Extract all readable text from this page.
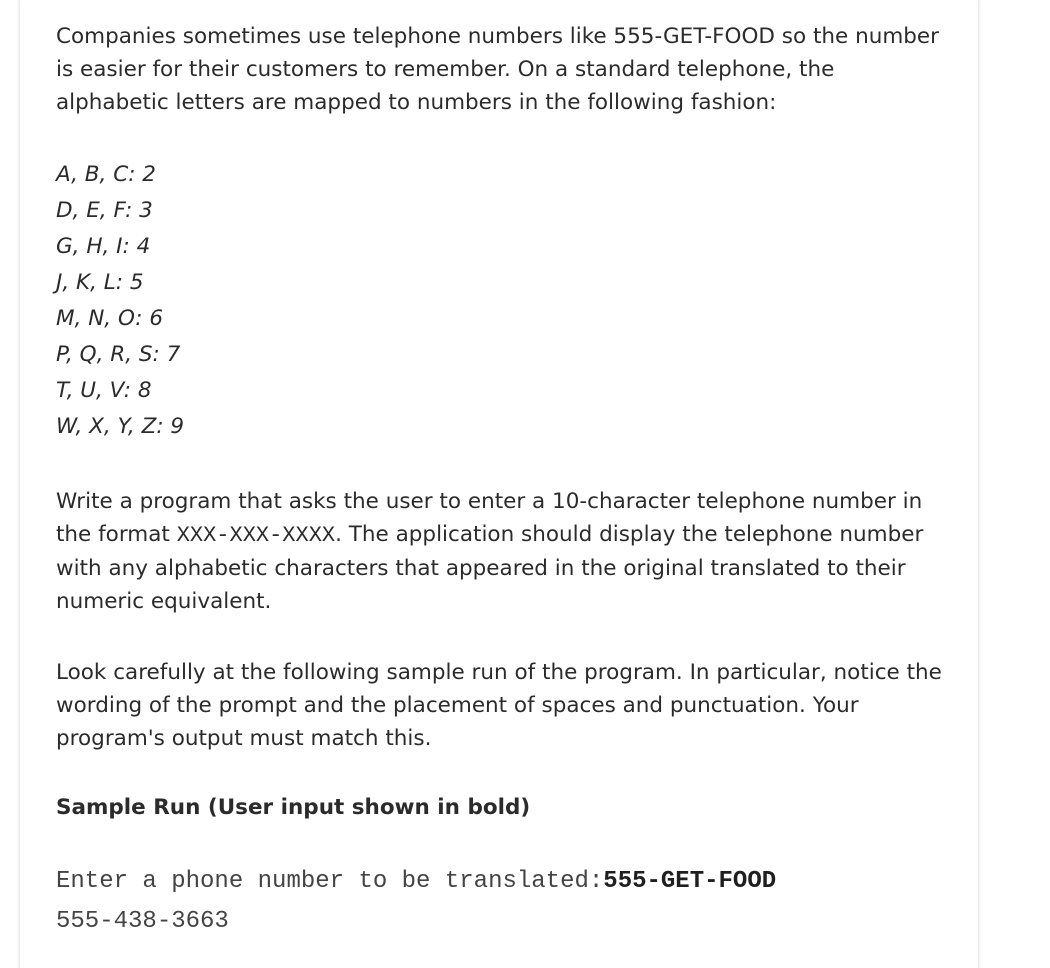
Companies sometimes use telephone numbers like 555-GET-FOOD so the number is easier for their customers to remember. On a standard telephone, the alphabetic letters are mapped to numbers in the following fashion:

A, B, C: 2
D, E, F: 3
G, H, I: 4
J, K, L: 5
M, N, O: 6
P, Q, R, S: 7
T, U, V: 8
W, X, Y, Z: 9

Write a program that asks the user to enter a 10-character telephone number in the format XXX-XXX-XXXX. The application should display the telephone number with any alphabetic characters that appeared in the original translated to their numeric equivalent.

Look carefully at the following sample run of the program. In particular, notice the wording of the prompt and the placement of spaces and punctuation. Your program's output must match this.

Sample Run (User input shown in bold)

Enter a phone number to be translated:555-GET-FOOD
555-438-3663
